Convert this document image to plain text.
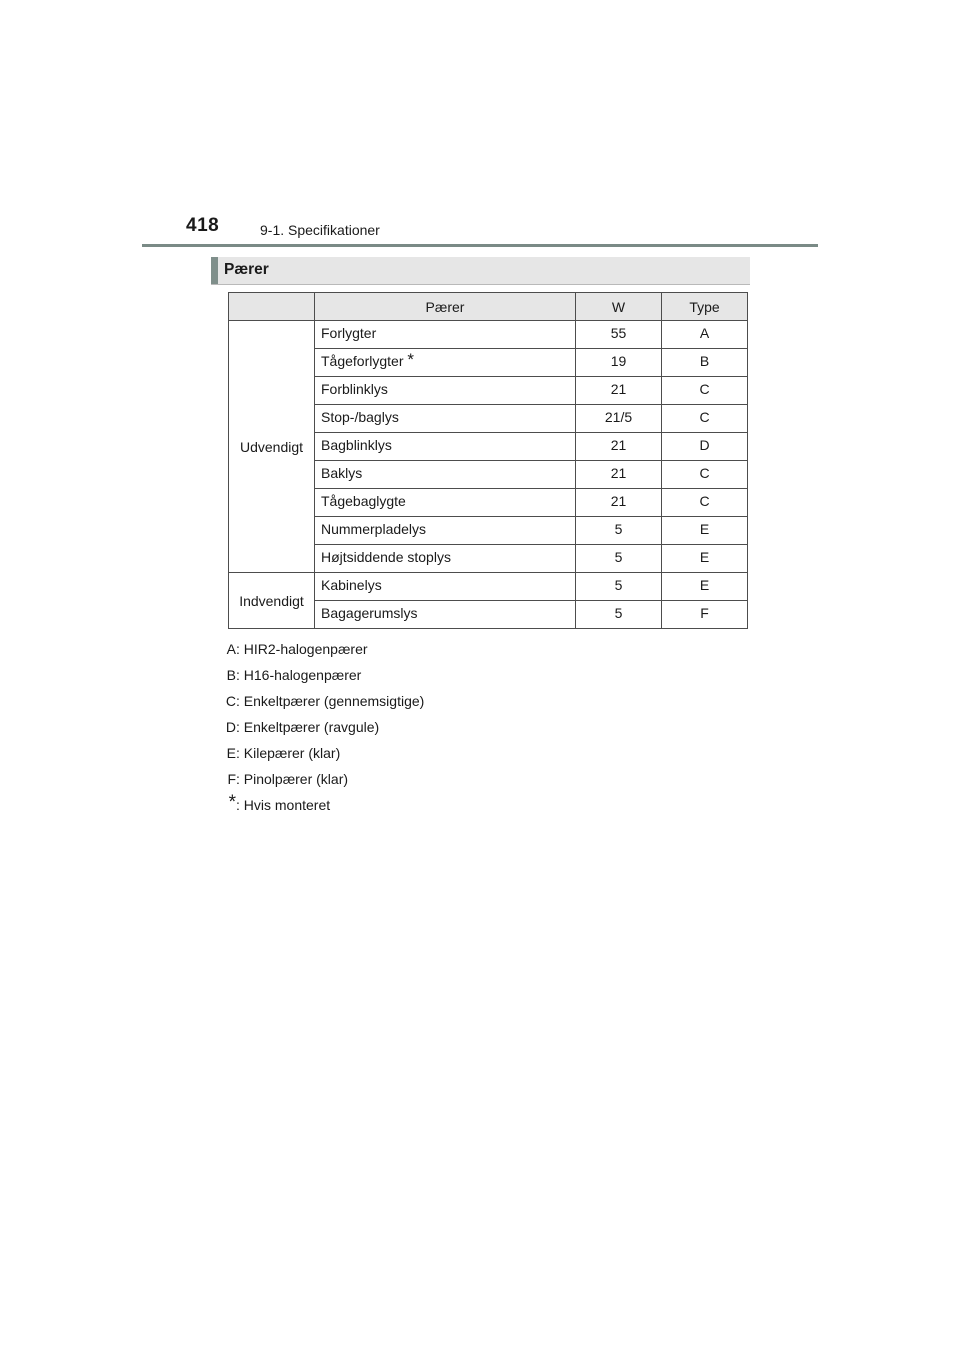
418	9-1. Specifikationer
Pærer
	Pærer	W	Type
Udvendigt	Forlygter	55	A
	Tågeforlygter *	19	B
	Forblinklys	21	C
	Stop-/baglys	21/5	C
	Bagblinklys	21	D
	Baklys	21	C
	Tågebaglygte	21	C
	Nummerpladelys	5	E
	Højtsiddende stoplys	5	E
Indvendigt	Kabinelys	5	E
	Bagagerumslys	5	F
A: HIR2-halogenpærer
B: H16-halogenpærer
C: Enkeltpærer (gennemsigtige)
D: Enkeltpærer (ravgule)
E: Kilepærer (klar)
F: Pinolpærer (klar)
*: Hvis monteret
